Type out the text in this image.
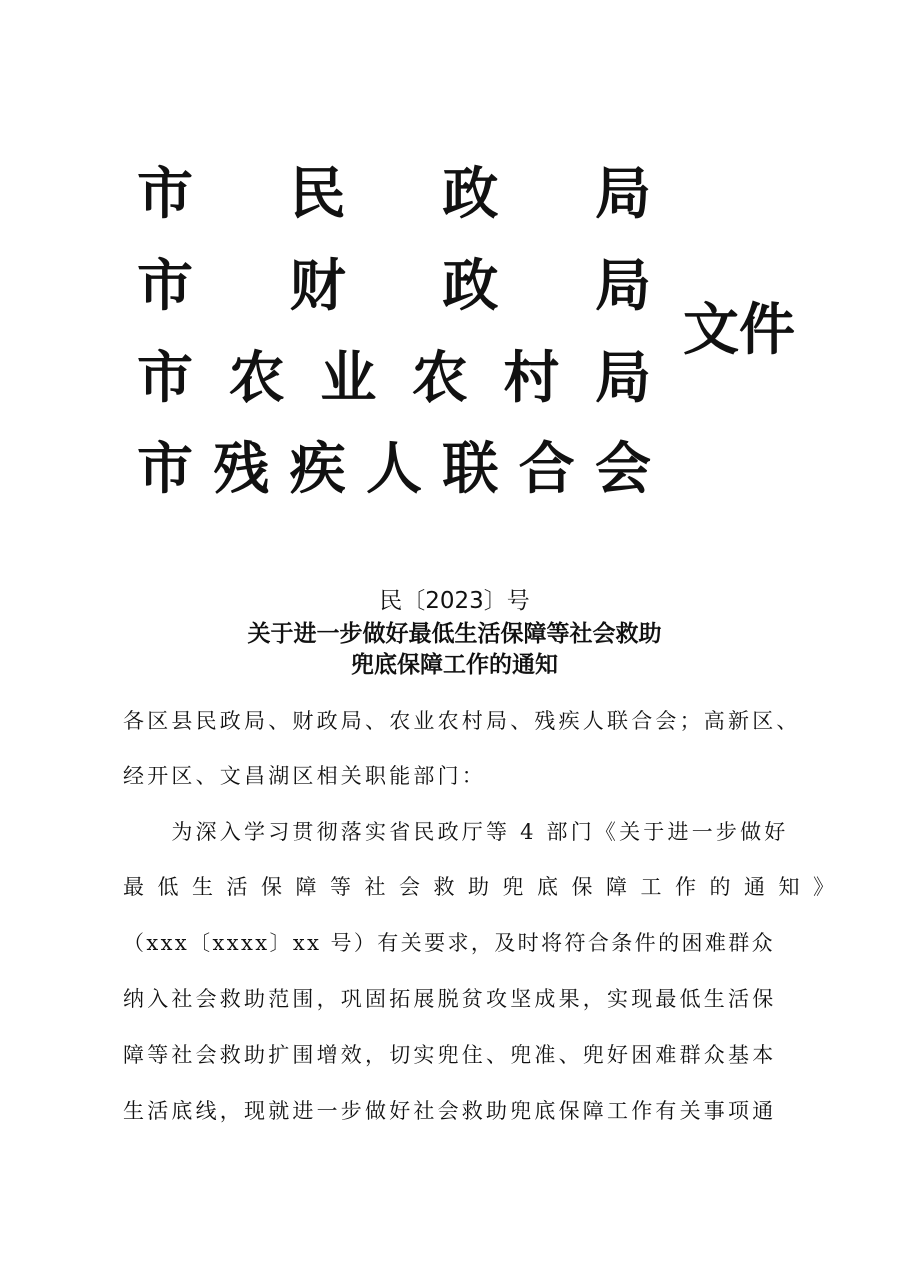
市 民 政 局
市 财 政 局
市 农 业 农 村 局
市 残 疾 人 联 合 会
文件
民〔2023〕号
关于进一步做好最低生活保障等社会救助
兜底保障工作的通知
各区县民政局、财政局、农业农村局、残疾人联合会；高新区、
经开区、文昌湖区相关职能部门：
　　为深入学习贯彻落实省民政厅等 4 部门《关于进一步做好
最低生活保障等社会救助兜底保障工作的通知》
（xxx〔xxxx〕xx 号）有关要求，及时将符合条件的困难群众
纳入社会救助范围，巩固拓展脱贫攻坚成果，实现最低生活保
障等社会救助扩围增效，切实兜住、兜准、兜好困难群众基本
生活底线，现就进一步做好社会救助兜底保障工作有关事项通
